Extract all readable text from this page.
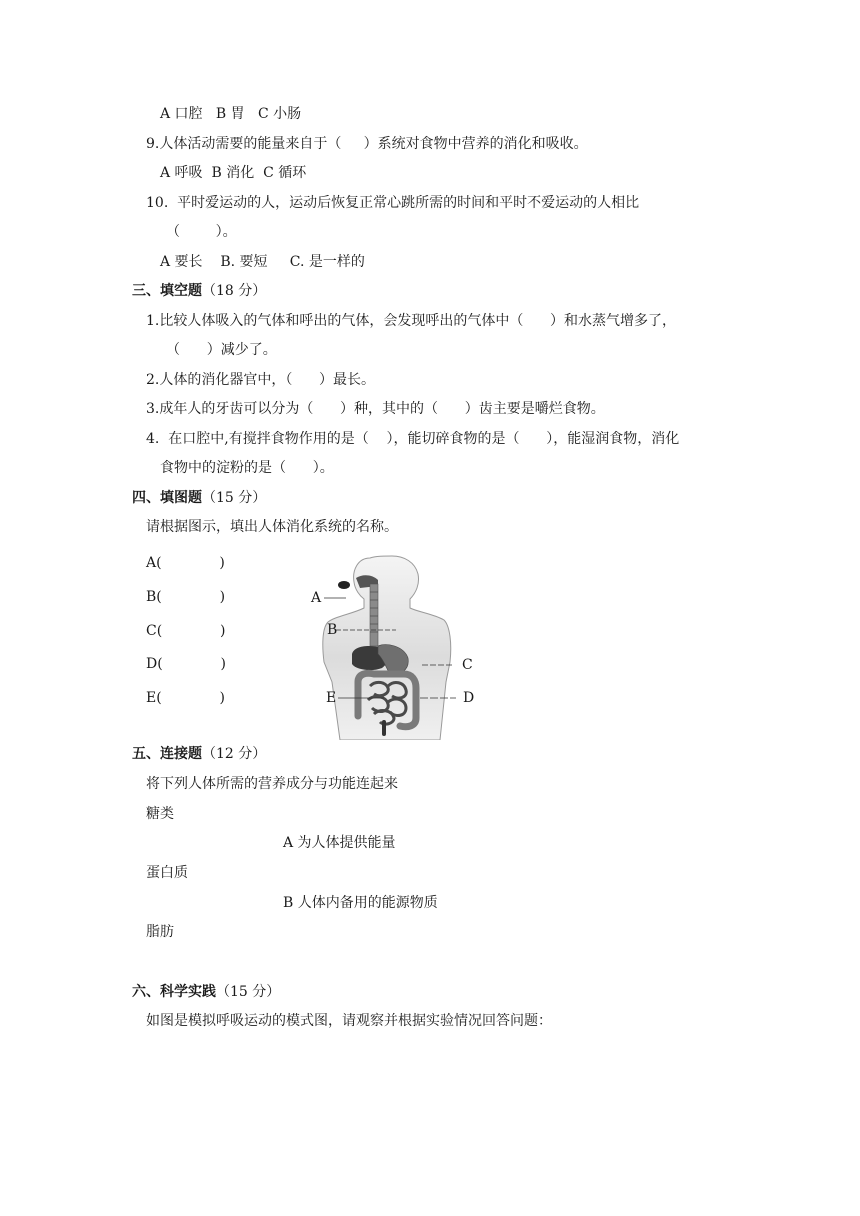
A 口腔   B 胃   C 小肠
9.人体活动需要的能量来自于（     ）系统对食物中营养的消化和吸收。
A 呼吸  B 消化  C 循环
10.  平时爱运动的人，运动后恢复正常心跳所需的时间和平时不爱运动的人相比
（        ）。
A 要长    B. 要短     C. 是一样的
三、填空题（18 分）
1.比较人体吸入的气体和呼出的气体，会发现呼出的气体中（      ）和水蒸气增多了，
（      ）减少了。
2.人体的消化器官中，（      ）最长。
3.成年人的牙齿可以分为（      ）种，其中的（      ）齿主要是嚼烂食物。
4.  在口腔中,有搅拌食物作用的是（    ），能切碎食物的是（      ），能湿润食物，消化
食物中的淀粉的是（      ）。
四、填图题（15 分）
请根据图示，填出人体消化系统的名称。
A(             )
B(             )
C(             )
D(             )
E(             )
A
B
C
D
E
五、连接题（12 分）
将下列人体所需的营养成分与功能连起来
糖类
A 为人体提供能量
蛋白质
B 人体内备用的能源物质
脂肪
六、科学实践（15 分）
如图是模拟呼吸运动的模式图，请观察并根据实验情况回答问题：
